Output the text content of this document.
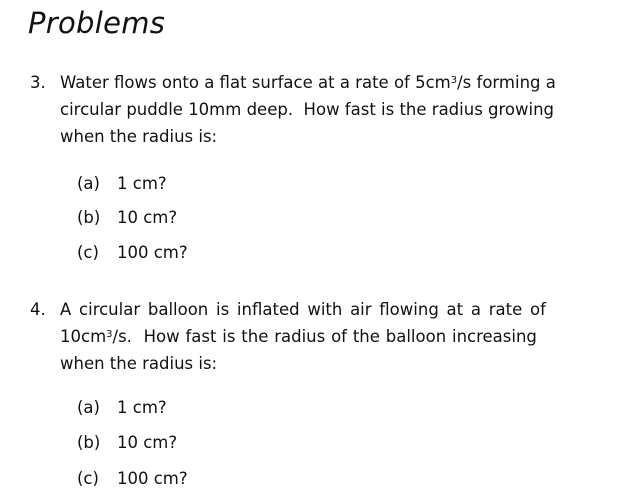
Problems
3. Water flows onto a flat surface at a rate of $5cm^3/s$ forming a
circular puddle 10mm deep.  How fast is the radius growing
when the radius is:
(a) 1 cm?
(b) 10 cm?
(c) 100 cm?
4. A circular balloon is inflated with air flowing at a rate of
$10cm^3/s$.  How fast is the radius of the balloon increasing
when the radius is:
(a) 1 cm?
(b) 10 cm?
(c) 100 cm?
